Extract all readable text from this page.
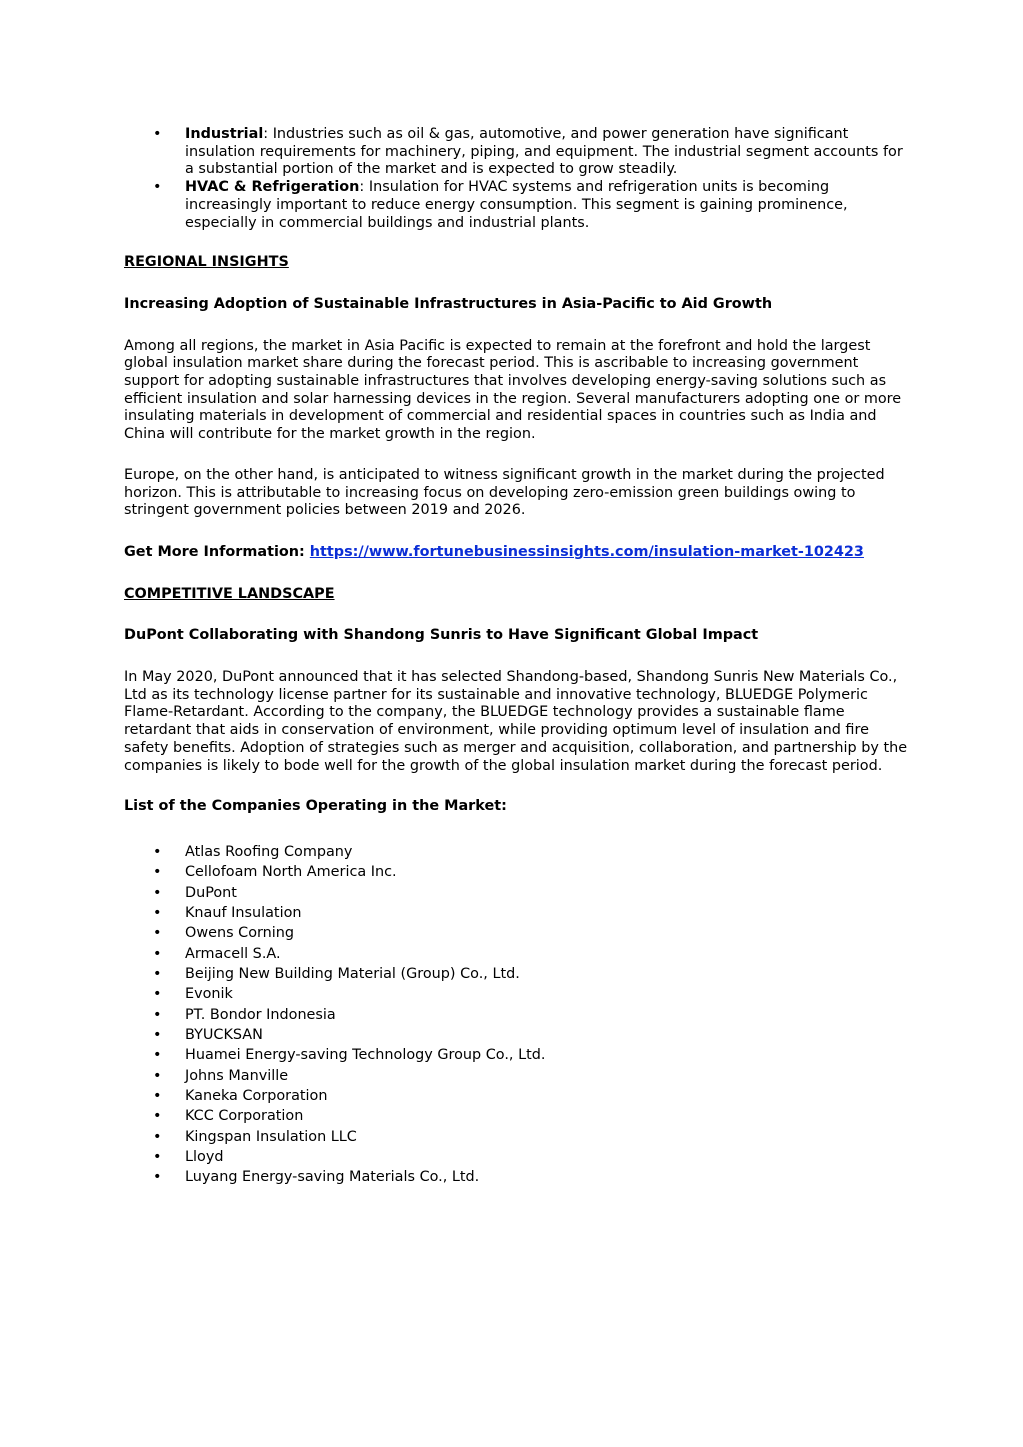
• Industrial: Industries such as oil & gas, automotive, and power generation have significant insulation requirements for machinery, piping, and equipment. The industrial segment accounts for a substantial portion of the market and is expected to grow steadily.
• HVAC & Refrigeration: Insulation for HVAC systems and refrigeration units is becoming increasingly important to reduce energy consumption. This segment is gaining prominence, especially in commercial buildings and industrial plants.

REGIONAL INSIGHTS

Increasing Adoption of Sustainable Infrastructures in Asia-Pacific to Aid Growth

Among all regions, the market in Asia Pacific is expected to remain at the forefront and hold the largest global insulation market share during the forecast period. This is ascribable to increasing government support for adopting sustainable infrastructures that involves developing energy-saving solutions such as efficient insulation and solar harnessing devices in the region. Several manufacturers adopting one or more insulating materials in development of commercial and residential spaces in countries such as India and China will contribute for the market growth in the region.

Europe, on the other hand, is anticipated to witness significant growth in the market during the projected horizon. This is attributable to increasing focus on developing zero-emission green buildings owing to stringent government policies between 2019 and 2026.

Get More Information: https://www.fortunebusinessinsights.com/insulation-market-102423

COMPETITIVE LANDSCAPE

DuPont Collaborating with Shandong Sunris to Have Significant Global Impact

In May 2020, DuPont announced that it has selected Shandong-based, Shandong Sunris New Materials Co., Ltd as its technology license partner for its sustainable and innovative technology, BLUEDGE Polymeric Flame-Retardant. According to the company, the BLUEDGE technology provides a sustainable flame retardant that aids in conservation of environment, while providing optimum level of insulation and fire safety benefits. Adoption of strategies such as merger and acquisition, collaboration, and partnership by the companies is likely to bode well for the growth of the global insulation market during the forecast period.

List of the Companies Operating in the Market:

• Atlas Roofing Company
• Cellofoam North America Inc.
• DuPont
• Knauf Insulation
• Owens Corning
• Armacell S.A.
• Beijing New Building Material (Group) Co., Ltd.
• Evonik
• PT. Bondor Indonesia
• BYUCKSAN
• Huamei Energy-saving Technology Group Co., Ltd.
• Johns Manville
• Kaneka Corporation
• KCC Corporation
• Kingspan Insulation LLC
• Lloyd
• Luyang Energy-saving Materials Co., Ltd.
